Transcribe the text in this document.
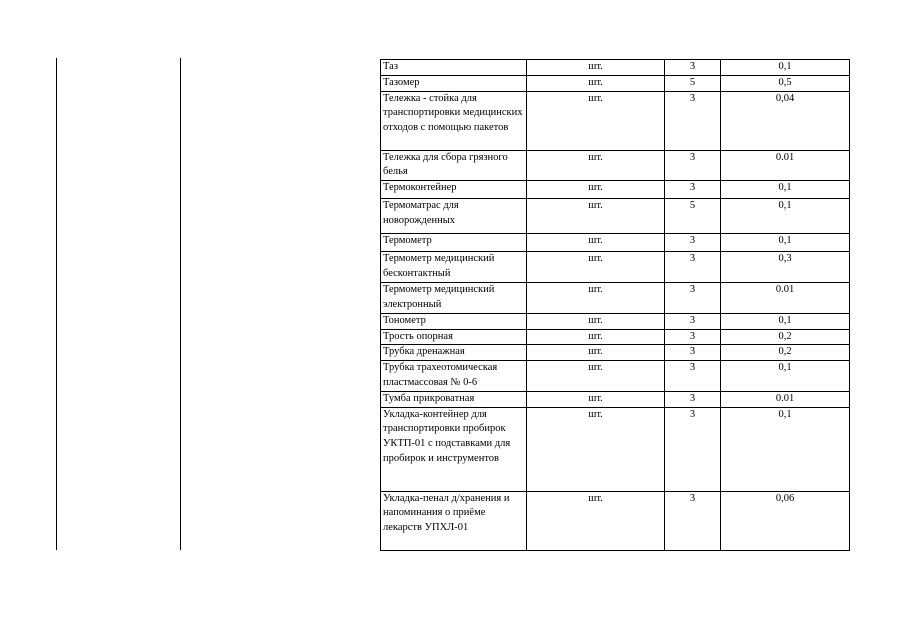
Таз	шт.	3	0,1
Тазомер	шт.	5	0,5
Тележка - стойка для транспортировки медицинских отходов с помощью пакетов	шт.	3	0,04
Тележка для сбора грязного белья	шт.	3	0.01
Термоконтейнер	шт.	3	0,1
Термоматрас для новорожденных	шт.	5	0,1
Термометр	шт.	3	0,1
Термометр медицинский бесконтактный	шт.	3	0,3
Термометр медицинский электронный	шт.	3	0.01
Тонометр	шт.	3	0,1
Трость опорная	шт.	3	0,2
Трубка дренажная	шт.	3	0,2
Трубка трахеотомическая пластмассовая № 0-6	шт.	3	0,1
Тумба прикроватная	шт.	3	0.01
Укладка-контейнер для транспортировки пробирок УКТП-01 с подставками для пробирок и инструментов	шт.	3	0,1
Укладка-пенал д/хранения и напоминания о приёме лекарств УПХЛ-01	шт.	3	0,06
